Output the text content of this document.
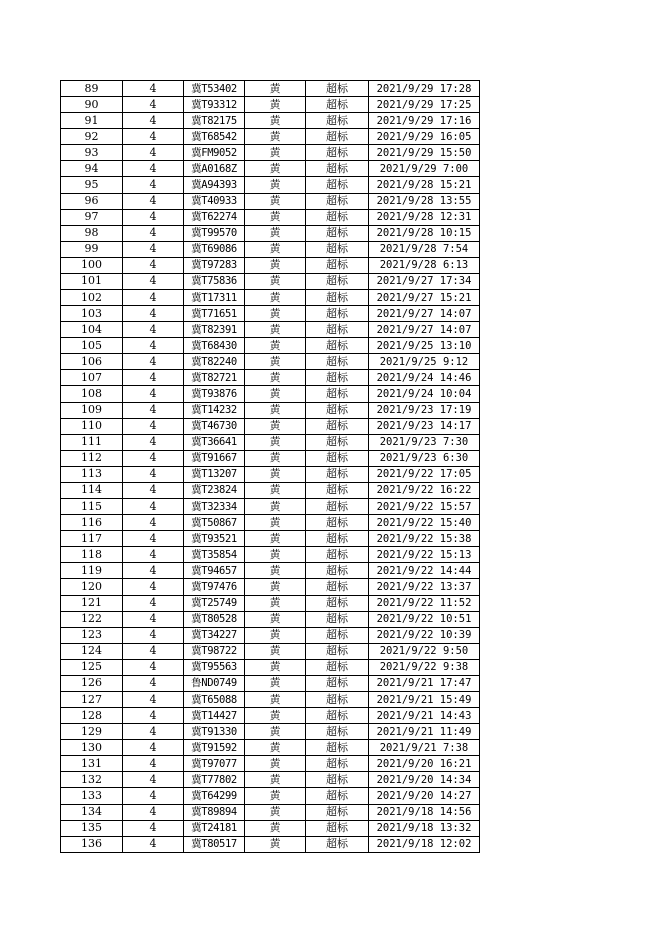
89	4	冀T53402	黄	超标	2021/9/29 17:28
90	4	冀T93312	黄	超标	2021/9/29 17:25
91	4	冀T82175	黄	超标	2021/9/29 17:16
92	4	冀T68542	黄	超标	2021/9/29 16:05
93	4	冀FM9052	黄	超标	2021/9/29 15:50
94	4	冀A0168Z	黄	超标	2021/9/29 7:00
95	4	冀A94393	黄	超标	2021/9/28 15:21
96	4	冀T40933	黄	超标	2021/9/28 13:55
97	4	冀T62274	黄	超标	2021/9/28 12:31
98	4	冀T99570	黄	超标	2021/9/28 10:15
99	4	冀T69086	黄	超标	2021/9/28 7:54
100	4	冀T97283	黄	超标	2021/9/28 6:13
101	4	冀T75836	黄	超标	2021/9/27 17:34
102	4	冀T17311	黄	超标	2021/9/27 15:21
103	4	冀T71651	黄	超标	2021/9/27 14:07
104	4	冀T82391	黄	超标	2021/9/27 14:07
105	4	冀T68430	黄	超标	2021/9/25 13:10
106	4	冀T82240	黄	超标	2021/9/25 9:12
107	4	冀T82721	黄	超标	2021/9/24 14:46
108	4	冀T93876	黄	超标	2021/9/24 10:04
109	4	冀T14232	黄	超标	2021/9/23 17:19
110	4	冀T46730	黄	超标	2021/9/23 14:17
111	4	冀T36641	黄	超标	2021/9/23 7:30
112	4	冀T91667	黄	超标	2021/9/23 6:30
113	4	冀T13207	黄	超标	2021/9/22 17:05
114	4	冀T23824	黄	超标	2021/9/22 16:22
115	4	冀T32334	黄	超标	2021/9/22 15:57
116	4	冀T50867	黄	超标	2021/9/22 15:40
117	4	冀T93521	黄	超标	2021/9/22 15:38
118	4	冀T35854	黄	超标	2021/9/22 15:13
119	4	冀T94657	黄	超标	2021/9/22 14:44
120	4	冀T97476	黄	超标	2021/9/22 13:37
121	4	冀T25749	黄	超标	2021/9/22 11:52
122	4	冀T80528	黄	超标	2021/9/22 10:51
123	4	冀T34227	黄	超标	2021/9/22 10:39
124	4	冀T98722	黄	超标	2021/9/22 9:50
125	4	冀T95563	黄	超标	2021/9/22 9:38
126	4	鲁ND0749	黄	超标	2021/9/21 17:47
127	4	冀T65088	黄	超标	2021/9/21 15:49
128	4	冀T14427	黄	超标	2021/9/21 14:43
129	4	冀T91330	黄	超标	2021/9/21 11:49
130	4	冀T91592	黄	超标	2021/9/21 7:38
131	4	冀T97077	黄	超标	2021/9/20 16:21
132	4	冀T77802	黄	超标	2021/9/20 14:34
133	4	冀T64299	黄	超标	2021/9/20 14:27
134	4	冀T89894	黄	超标	2021/9/18 14:56
135	4	冀T24181	黄	超标	2021/9/18 13:32
136	4	冀T80517	黄	超标	2021/9/18 12:02
